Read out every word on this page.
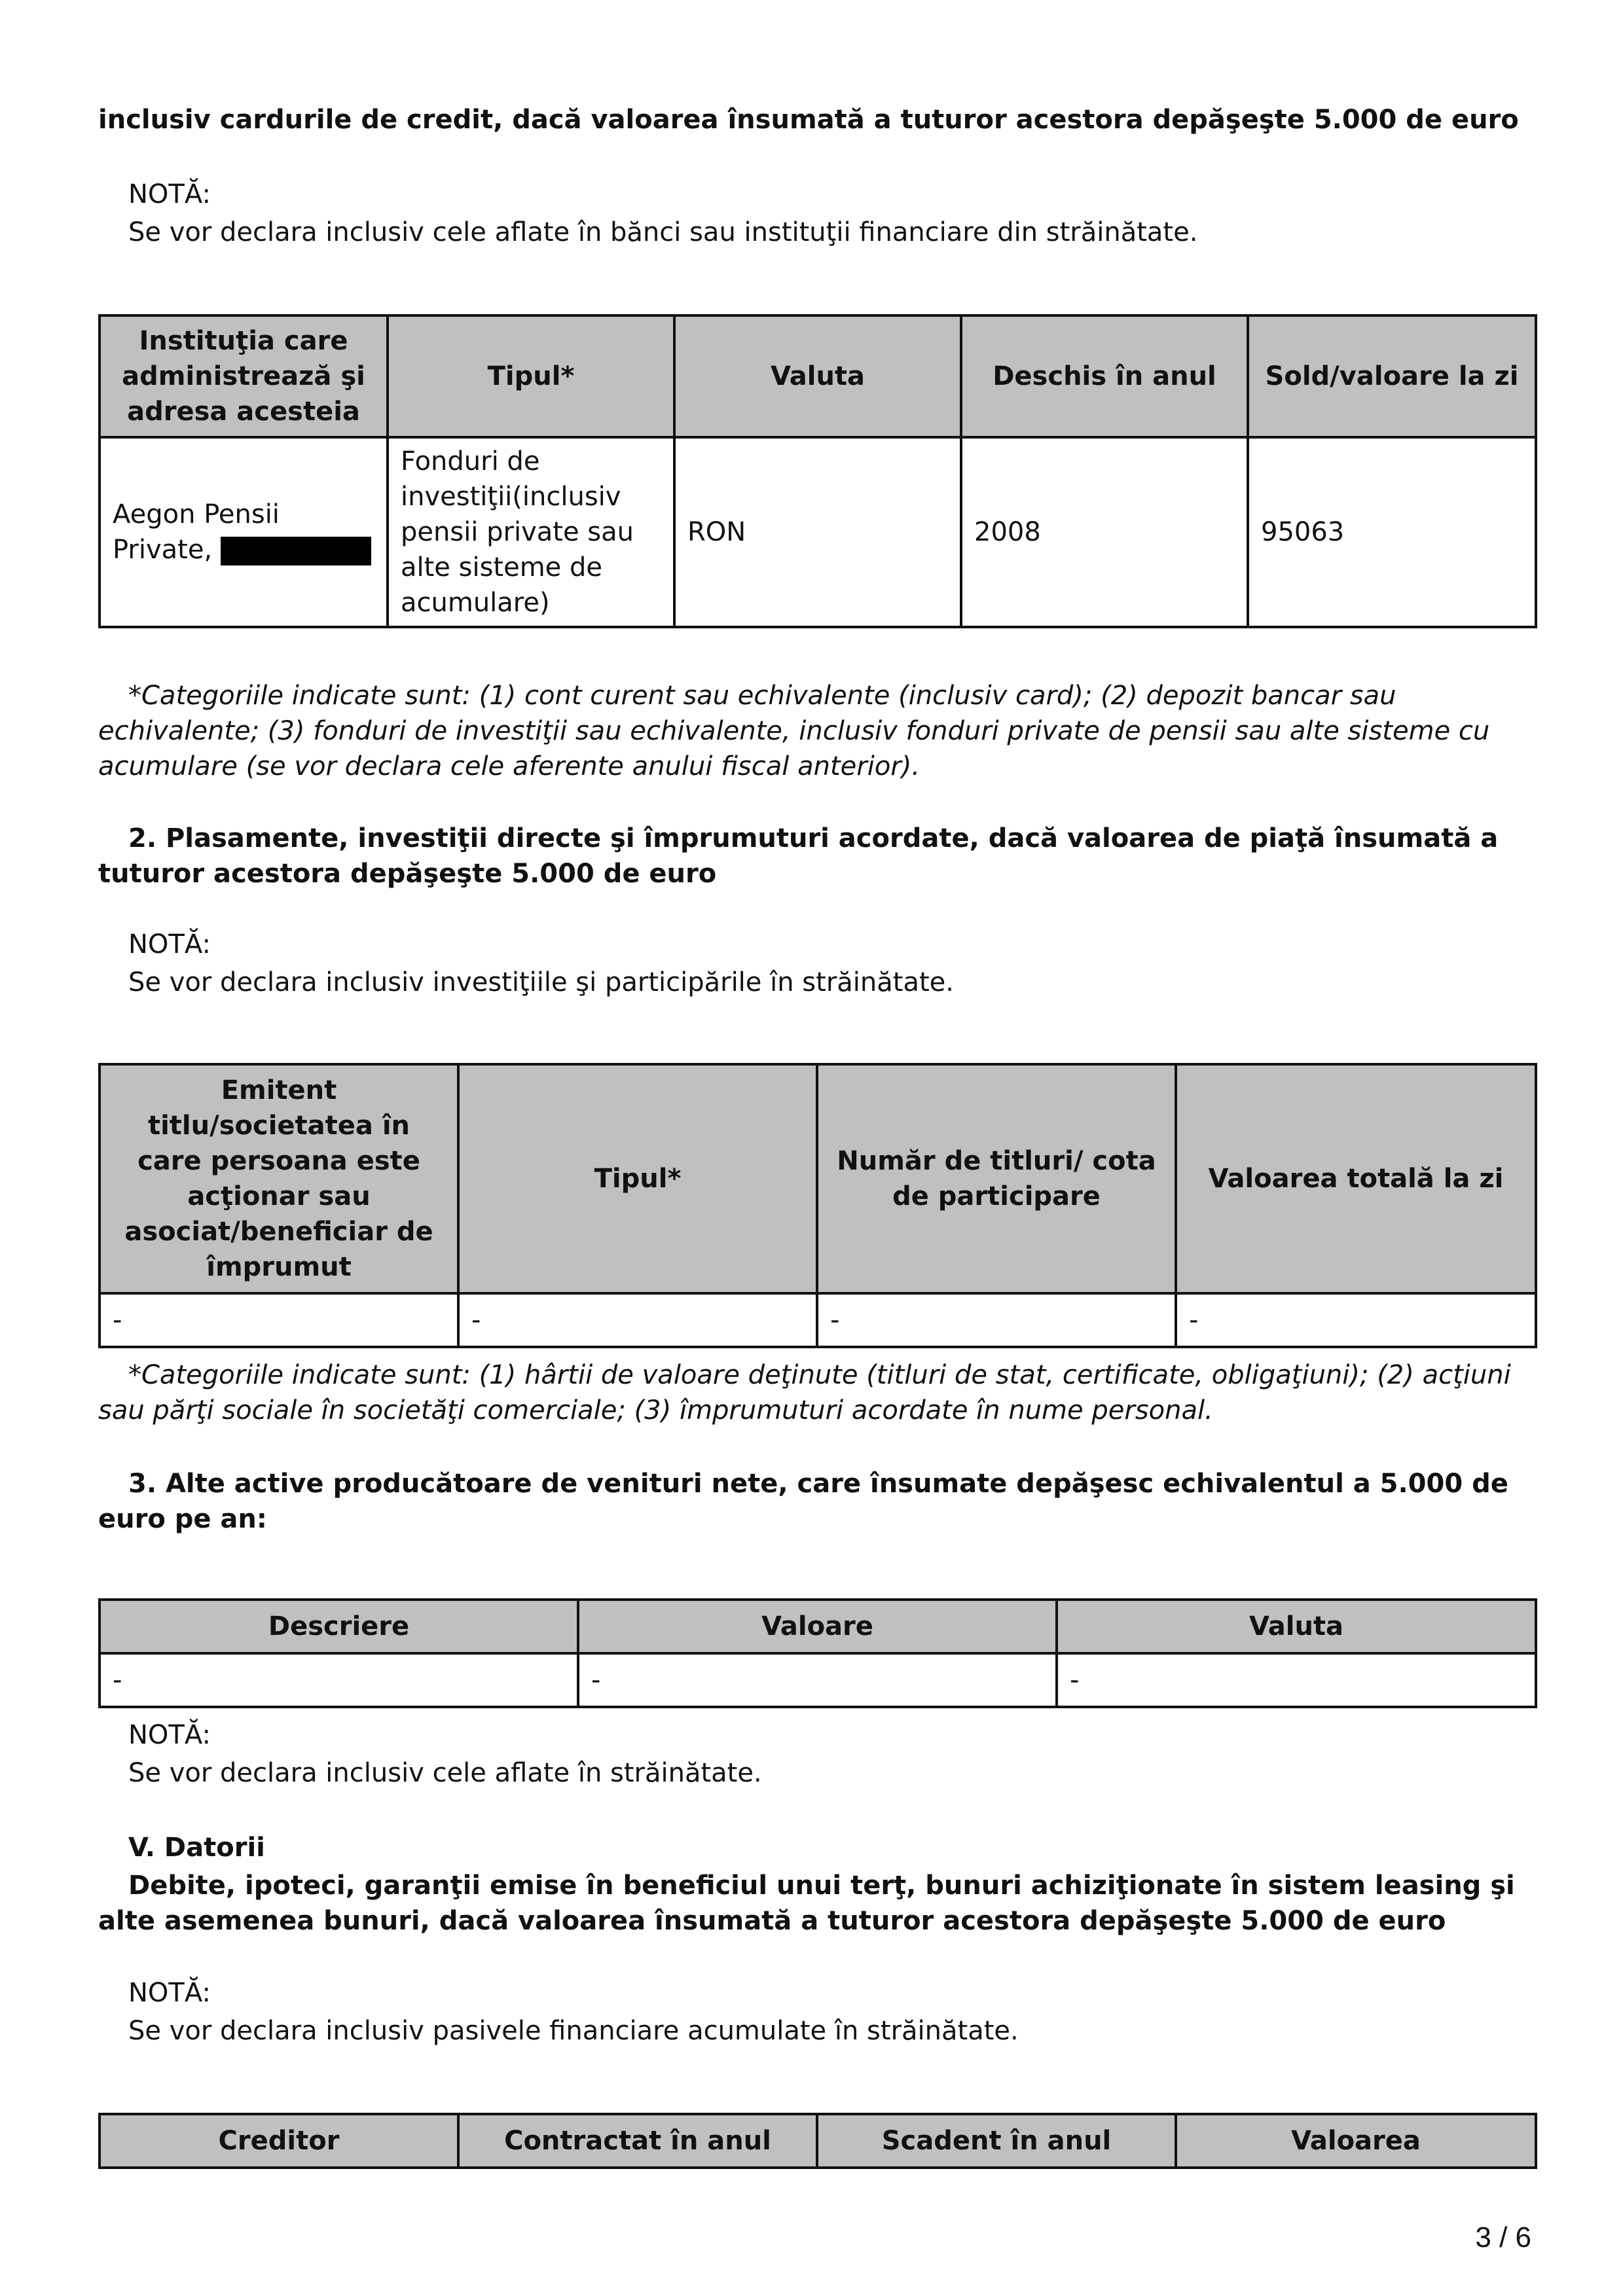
inclusiv cardurile de credit, dacă valoarea însumată a tuturor acestora depăşeşte 5.000 de euro

NOTĂ:

Se vor declara inclusiv cele aflate în bănci sau instituţii financiare din străinătate.

Instituţia care administrează şi adresa acesteia	Tipul*	Valuta	Deschis în anul	Sold/valoare la zi
Aegon Pensii Private,	Fonduri de investiţii(inclusiv pensii private sau alte sisteme de acumulare)	RON	2008	95063

*Categoriile indicate sunt: (1) cont curent sau echivalente (inclusiv card); (2) depozit bancar sau echivalente; (3) fonduri de investiţii sau echivalente, inclusiv fonduri private de pensii sau alte sisteme cu acumulare (se vor declara cele aferente anului fiscal anterior).

2. Plasamente, investiţii directe şi împrumuturi acordate, dacă valoarea de piaţă însumată a tuturor acestora depăşeşte 5.000 de euro

NOTĂ:

Se vor declara inclusiv investiţiile şi participările în străinătate.

Emitent titlu/societatea în care persoana este acţionar sau asociat/beneficiar de împrumut	Tipul*	Număr de titluri/ cota de participare	Valoarea totală la zi
-	-	-	-

*Categoriile indicate sunt: (1) hârtii de valoare deţinute (titluri de stat, certificate, obligaţiuni); (2) acţiuni sau părţi sociale în societăţi comerciale; (3) împrumuturi acordate în nume personal.

3. Alte active producătoare de venituri nete, care însumate depăşesc echivalentul a 5.000 de euro pe an:

Descriere	Valoare	Valuta
-	-	-

NOTĂ:

Se vor declara inclusiv cele aflate în străinătate.

V. Datorii

Debite, ipoteci, garanţii emise în beneficiul unui terţ, bunuri achiziţionate în sistem leasing şi alte asemenea bunuri, dacă valoarea însumată a tuturor acestora depăşeşte 5.000 de euro

NOTĂ:

Se vor declara inclusiv pasivele financiare acumulate în străinătate.

Creditor	Contractat în anul	Scadent în anul	Valoarea
3 / 6
